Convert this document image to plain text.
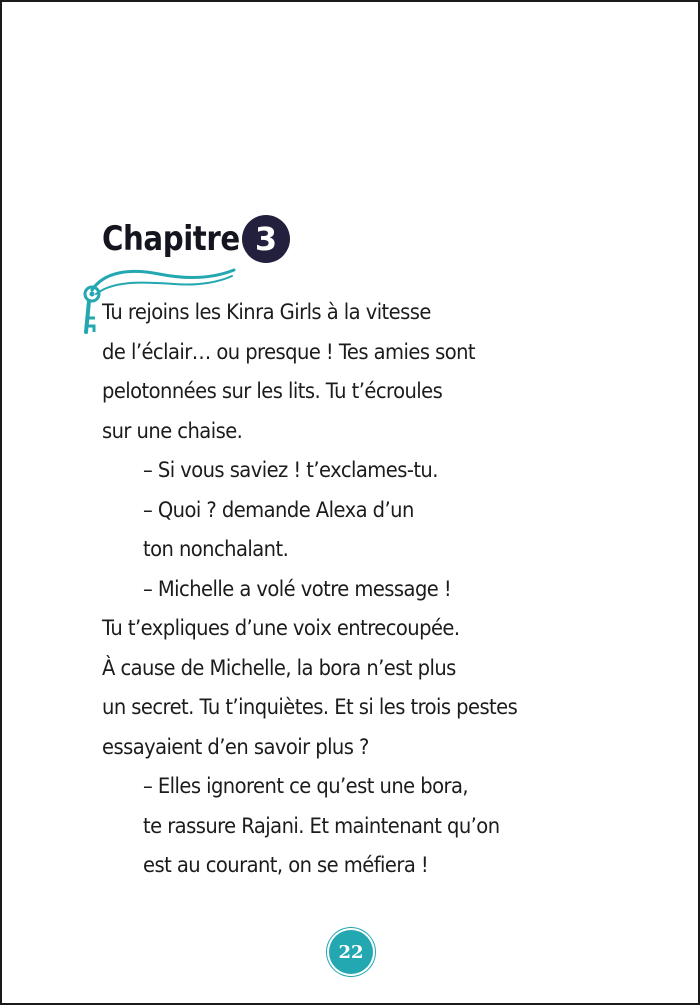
Chapitre 3
Tu rejoins les Kinra Girls à la vitesse
de l’éclair… ou presque ! Tes amies sont
pelotonnées sur les lits. Tu t’écroules
sur une chaise.
– Si vous saviez ! t’exclames-tu.
– Quoi ? demande Alexa d’un
ton nonchalant.
– Michelle a volé votre message !
Tu t’expliques d’une voix entrecoupée.
À cause de Michelle, la bora n’est plus
un secret. Tu t’inquiètes. Et si les trois pestes
essayaient d’en savoir plus ?
– Elles ignorent ce qu’est une bora,
te rassure Rajani. Et maintenant qu’on
est au courant, on se méfiera !
22
